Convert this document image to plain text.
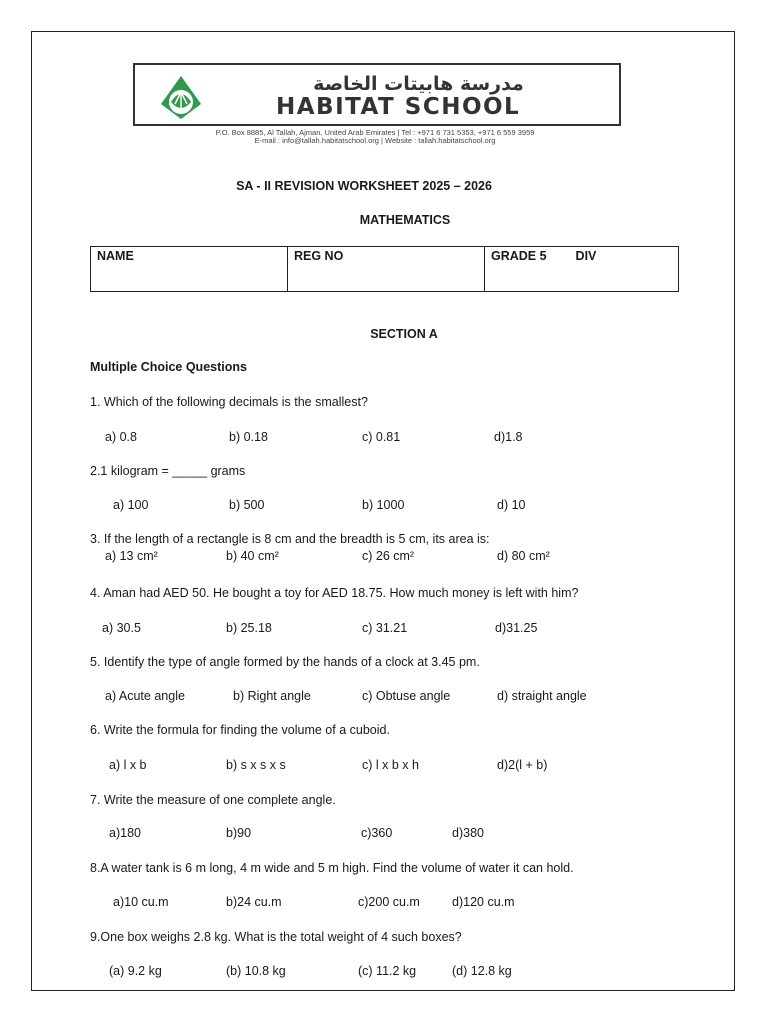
مدرسة هابيتات الخاصة
HABITAT SCHOOL
P.O. Box 8885, Al Tallah, Ajman, United Arab Emirates | Tel : +971 6 731 5353, +971 6 559 3959
E-mail : info@tallah.habitatschool.org | Website : tallah.habitatschool.org
SA - II REVISION WORKSHEET 2025 – 2026
MATHEMATICS
NAME	REG NO	GRADE 5 DIV
SECTION A
Multiple Choice Questions
1. Which of the following decimals is the smallest?
a) 0.8	b) 0.18	c) 0.81	d)1.8
2.1 kilogram = _____ grams
a) 100	b) 500	b) 1000	d) 10
3. If the length of a rectangle is 8 cm and the breadth is 5 cm, its area is:
a) 13 cm²	b) 40 cm²	c) 26 cm²	d) 80 cm²
4. Aman had AED 50. He bought a toy for AED 18.75. How much money is left with him?
a) 30.5	b) 25.18	c) 31.21	d)31.25
5. Identify the type of angle formed by the hands of a clock at 3.45 pm.
a) Acute angle	b) Right angle	c) Obtuse angle	d) straight angle
6. Write the formula for finding the volume of a cuboid.
a) l x b	b) s x s x s	c) l x b x h	d)2(l + b)
7. Write the measure of one complete angle.
a)180	b)90	c)360	d)380
8.A water tank is 6 m long, 4 m wide and 5 m high. Find the volume of water it can hold.
a)10 cu.m	b)24 cu.m	c)200 cu.m	d)120 cu.m
9.One box weighs 2.8 kg. What is the total weight of 4 such boxes?
(a) 9.2 kg	(b) 10.8 kg	(c) 11.2 kg	(d) 12.8 kg
